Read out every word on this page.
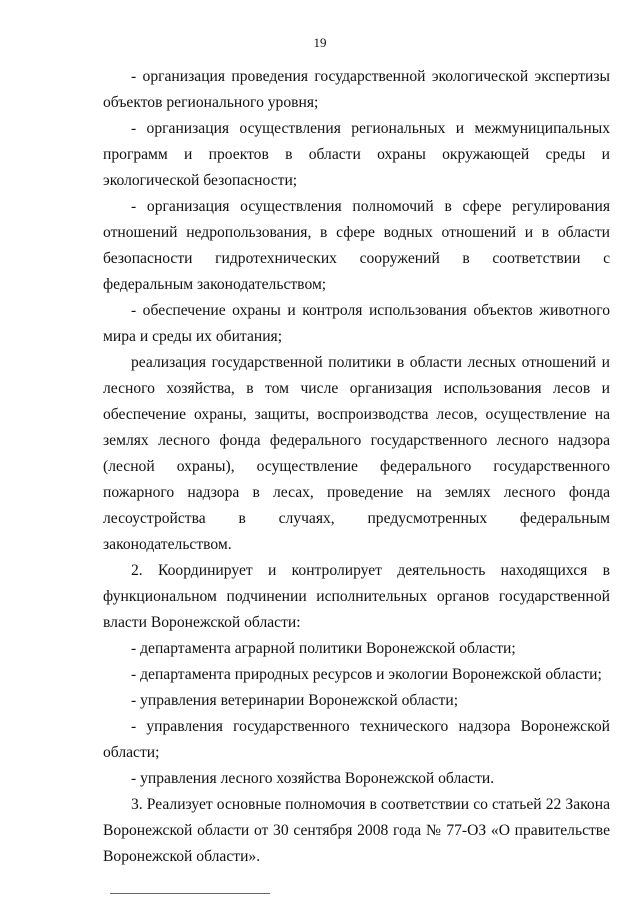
19

- организация проведения государственной экологической экспертизы объектов регионального уровня;

- организация осуществления региональных и межмуниципальных программ и проектов в области охраны окружающей среды и экологической безопасности;

- организация осуществления полномочий в сфере регулирования отношений недропользования, в сфере водных отношений и в области безопасности гидротехнических сооружений в соответствии с федеральным законодательством;

- обеспечение охраны и контроля использования объектов животного мира и среды их обитания;

реализация государственной политики в области лесных отношений и лесного хозяйства, в том числе организация использования лесов и обеспечение охраны, защиты, воспроизводства лесов, осуществление на землях лесного фонда федерального государственного лесного надзора (лесной охраны), осуществление федерального государственного пожарного надзора в лесах, проведение на землях лесного фонда лесоустройства в случаях, предусмотренных федеральным законодательством.

2. Координирует и контролирует деятельность находящихся в функциональном подчинении исполнительных органов государственной власти Воронежской области:

- департамента аграрной политики Воронежской области;

- департамента природных ресурсов и экологии Воронежской области;

- управления ветеринарии Воронежской области;

- управления государственного технического надзора Воронежской области;

- управления лесного хозяйства Воронежской области.

3. Реализует основные полномочия в соответствии со статьей 22 Закона Воронежской области от 30 сентября 2008 года № 77-ОЗ «О правительстве Воронежской области».
